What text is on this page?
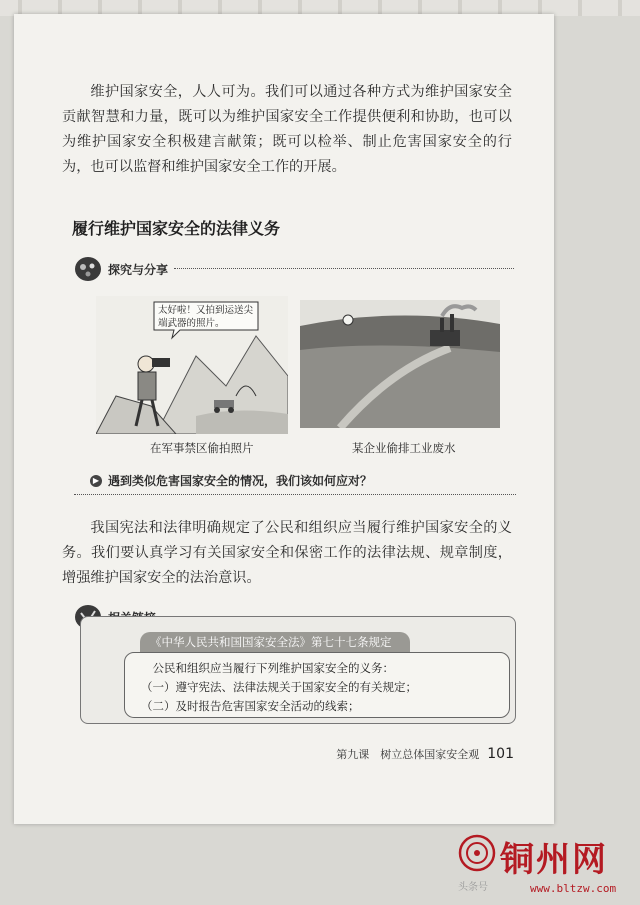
维护国家安全，人人可为。我们可以通过各种方式为维护国家安全贡献智慧和力量，既可以为维护国家安全工作提供便利和协助，也可以为维护国家安全积极建言献策；既可以检举、制止危害国家安全的行为，也可以监督和维护国家安全工作的开展。

履行维护国家安全的法律义务
探究与分享
太好啦！又拍到运送尖端武器的照片。
在军事禁区偷拍照片	某企业偷排工业废水
▶ 遇到类似危害国家安全的情况，我们该如何应对？

我国宪法和法律明确规定了公民和组织应当履行维护国家安全的义务。我们要认真学习有关国家安全和保密工作的法律法规、规章制度，增强维护国家安全的法治意识。

《中华人民共和国国家安全法》第七十七条规定
公民和组织应当履行下列维护国家安全的义务：
（一）遵守宪法、法律法规关于国家安全的有关规定；
（二）及时报告危害国家安全活动的线索；
第九课　树立总体国家安全观 101
铜州网
头条号	www.bltzw.com
